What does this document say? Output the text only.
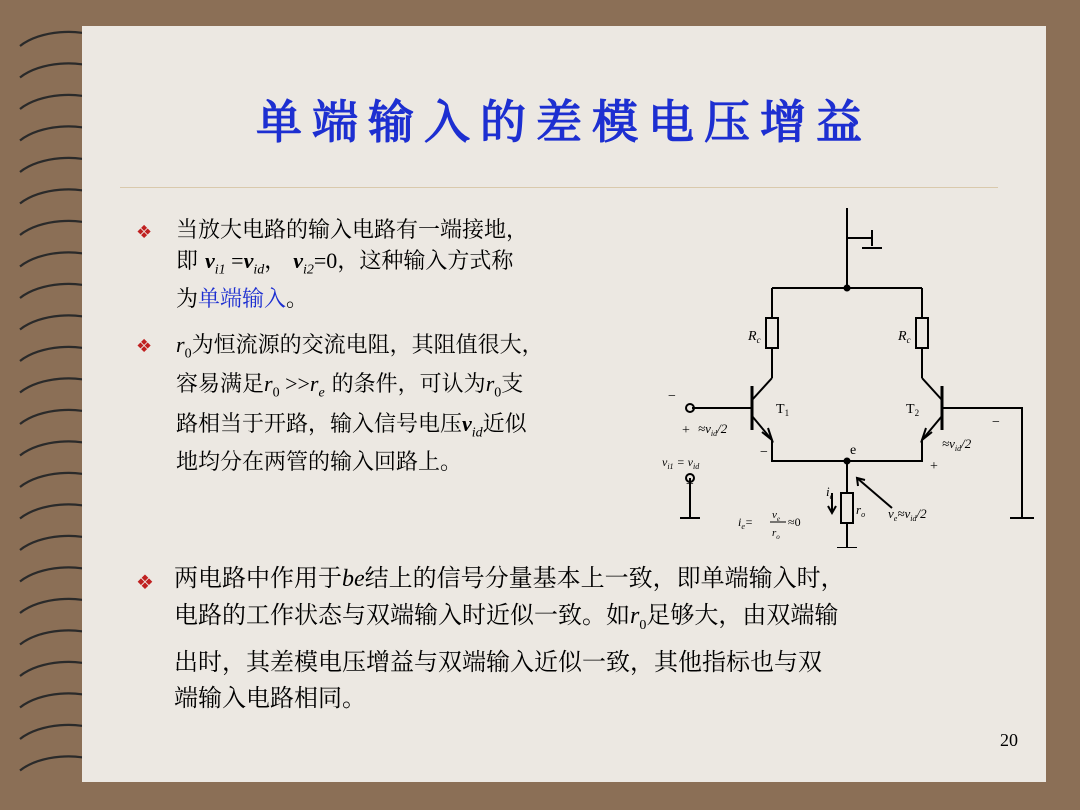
单端输入的差模电压增益
❖ 当放大电路的输入电路有一端接地，
即 $v_{i1} =v_{id}$， $v_{i2}=0$，这种输入方式称
为单端输入。
❖ $r_0$为恒流源的交流电阻，其阻值很大，
容易满足$r_0 >>r_e$ 的条件，可认为$r_0$支
路相当于开路，输入信号电压$v_{id}$近似
地均分在两管的输入回路上。
❖ 两电路中作用于be结上的信号分量基本上一致，即单端输入时，
电路的工作状态与双端输入时近似一致。如$r_0$足够大，由双端输
出时，其差模电压增益与双端输入近似一致，其他指标也与双
端输入电路相同。
20
$R_c$	$R_c$
$T_1$	$T_2$
e
−
+ $\approx v_{id}/2$
−
−
$\approx v_{id}/2$
+
$v_{i1} = v_{id}$
−	$i_e$
$r_o$ $v_e\approx v_{id}/2$
$i_e= v_e$
$r_o$
≈0
